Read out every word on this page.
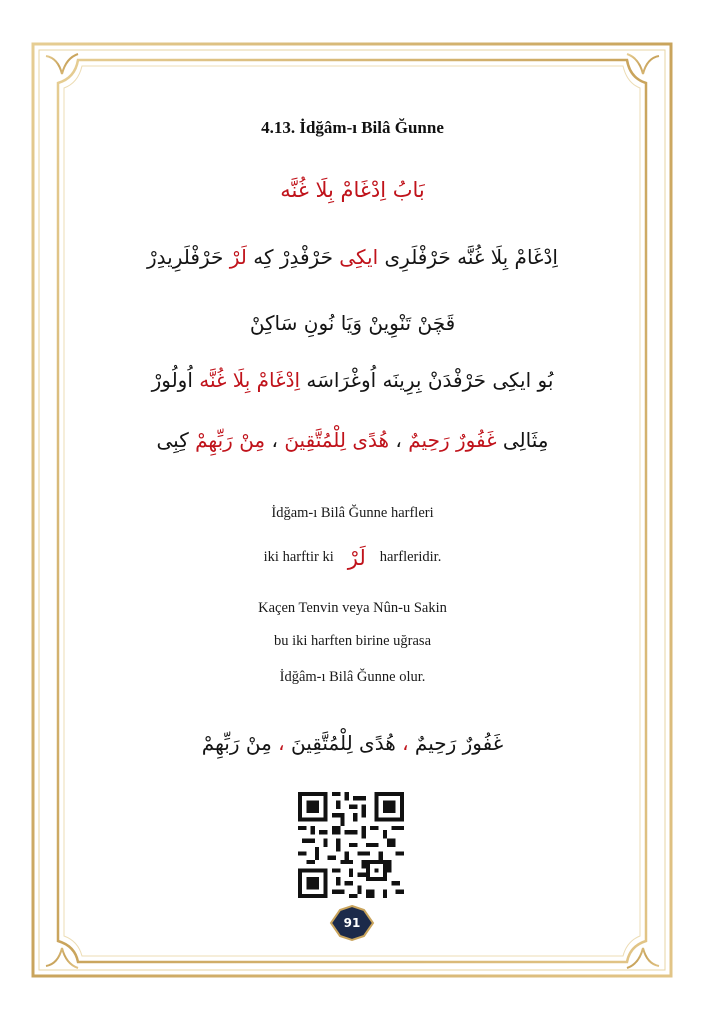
4.13. İdğâm-ı Bilâ Ğunne
بَابُ اِدْغَامْ بِلَا غُنَّه
اِدْغَامْ بِلَا غُنَّه حَرْفْلَرِى ايكِى حَرْفْدِرْ كِه لَرْ حَرْفْلَرِيدِرْ
قَچَنْ تَنْوِينْ وَيَا نُونِ سَاكِنْ
بُو ايكِى حَرْفْدَنْ بِرِينَه اُوغْرَاسَه اِدْغَامْ بِلَا غُنَّه اُولُورْ
مِثَالِى غَفُورٌ رَحِيمٌ ، هُدًى لِلْمُتَّقِينَ ، مِنْ رَبِّهِمْ كِبِى
İdğam-ı Bilâ Ğunne harfleri
iki harftir ki لَرْ harfleridir.
Kaçen Tenvin veya Nûn-u Sakin
bu iki harften birine uğrasa
İdğâm-ı Bilâ Ğunne olur.
غَفُورٌ رَحِيمٌ ، هُدًى لِلْمُتَّقِينَ ، مِنْ رَبِّهِمْ
91
